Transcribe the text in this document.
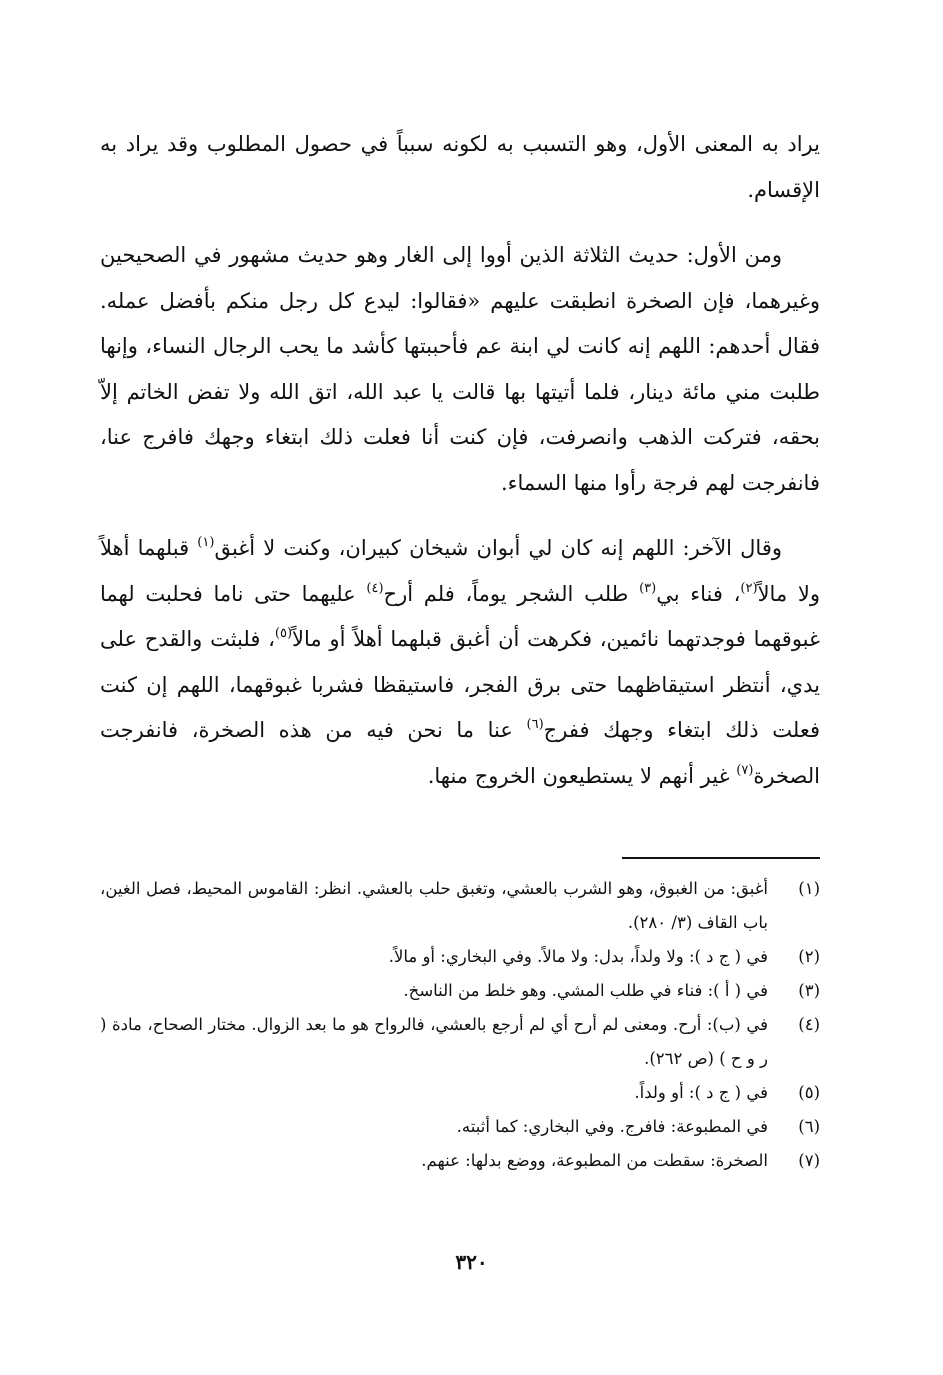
يراد به المعنى الأول، وهو التسبب به لكونه سبباً في حصول المطلوب وقد يراد به الإقسام.

ومن الأول: حديث الثلاثة الذين أووا إلى الغار وهو حديث مشهور في الصحيحين وغيرهما، فإن الصخرة انطبقت عليهم «فقالوا: ليدع كل رجل منكم بأفضل عمله. فقال أحدهم: اللهم إنه كانت لي ابنة عم فأحببتها كأشد ما يحب الرجال النساء، وإنها طلبت مني مائة دينار، فلما أتيتها بها قالت يا عبد الله، اتق الله ولا تفض الخاتم إلاّ بحقه، فتركت الذهب وانصرفت، فإن كنت أنا فعلت ذلك ابتغاء وجهك فافرج عنا، فانفرجت لهم فرجة رأوا منها السماء.

وقال الآخر: اللهم إنه كان لي أبوان شيخان كبيران، وكنت لا أغبق$^{(١)}$ قبلهما أهلاً ولا مالاً$^{(٢)}$، فناء بي$^{(٣)}$ طلب الشجر يوماً، فلم أرح$^{(٤)}$ عليهما حتى ناما فحلبت لهما غبوقهما فوجدتهما نائمين، فكرهت أن أغبق قبلهما أهلاً أو مالاً$^{(٥)}$، فلبثت والقدح على يدي، أنتظر استيقاظهما حتى برق الفجر، فاستيقظا فشربا غبوقهما، اللهم إن كنت فعلت ذلك ابتغاء وجهك ففرج$^{(٦)}$ عنا ما نحن فيه من هذه الصخرة، فانفرجت الصخرة$^{(٧)}$ غير أنهم لا يستطيعون الخروج منها.

(١)
أغبق: من الغبوق، وهو الشرب بالعشي، وتغبق حلب بالعشي. انظر: القاموس المحيط، فصل الغين، باب القاف (٣/ ٢٨٠).
(٢)
في ( ج د ): ولا ولداً، بدل: ولا مالاً. وفي البخاري: أو مالاً.
(٣)
في ( أ ): فناء في طلب المشي. وهو خلط من الناسخ.
(٤)
في (ب): أرح. ومعنى لم أرح أي لم أرجع بالعشي، فالرواح هو ما بعد الزوال. مختار الصحاح، مادة ( ر و ح ) (ص ٢٦٢).
(٥)
في ( ج د ): أو ولداً.
(٦)
في المطبوعة: فافرج. وفي البخاري: كما أثبته.
(٧)
الصخرة: سقطت من المطبوعة، ووضع بدلها: عنهم.
٣٢٠
